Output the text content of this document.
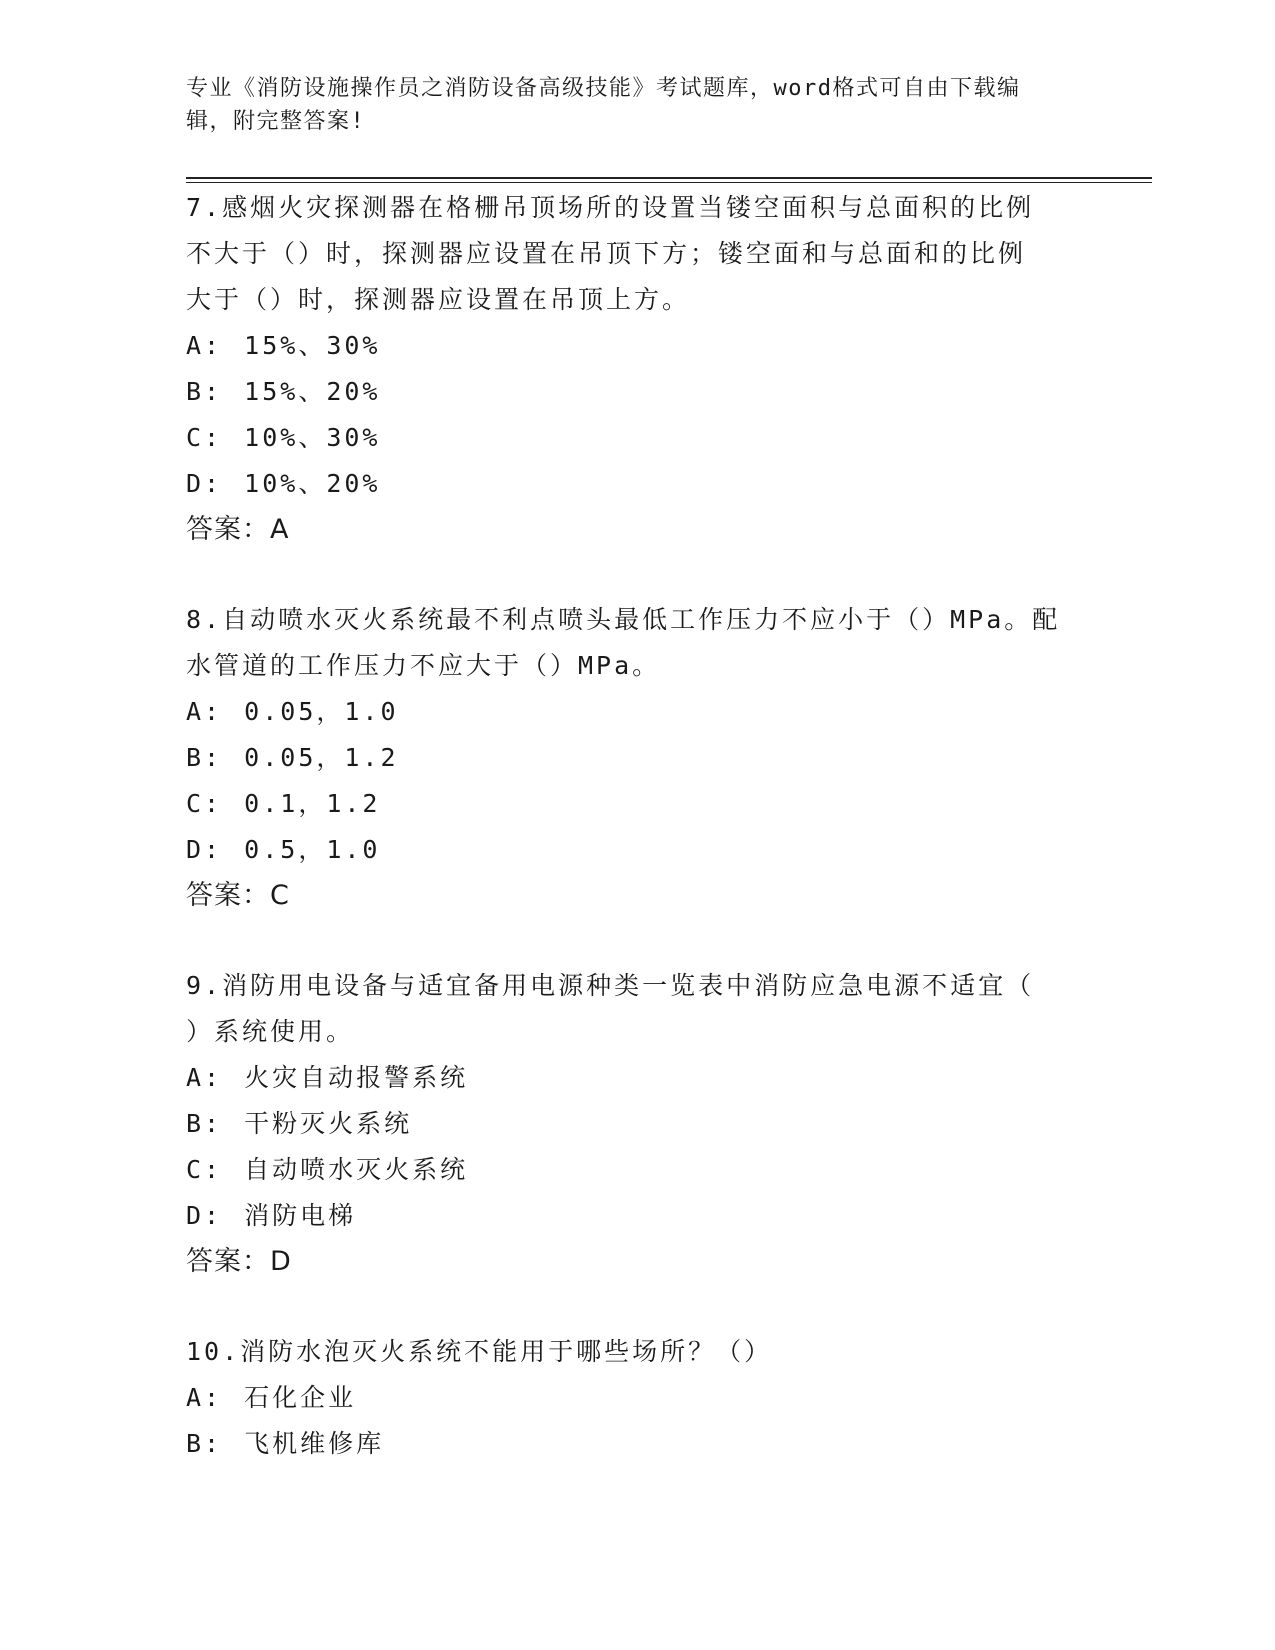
专业《消防设施操作员之消防设备高级技能》考试题库，word格式可自由下载编
辑，附完整答案!

7.感烟火灾探测器在格栅吊顶场所的设置当镂空面积与总面积的比例

不大于（）时，探测器应设置在吊顶下方；镂空面和与总面和的比例

大于（）时，探测器应设置在吊顶上方。

A: 15%、30%

B: 15%、20%

C: 10%、30%

D: 10%、20%

答案：A

8.自动喷水灭火系统最不利点喷头最低工作压力不应小于（）MPa。配

水管道的工作压力不应大于（）MPa。

A: 0.05，1.0

B: 0.05，1.2

C: 0.1，1.2

D: 0.5，1.0

答案：C

9.消防用电设备与适宜备用电源种类一览表中消防应急电源不适宜（

）系统使用。

A: 火灾自动报警系统

B: 干粉灭火系统

C: 自动喷水灭火系统

D: 消防电梯

答案：D

10.消防水泡灭火系统不能用于哪些场所？（）

A: 石化企业

B: 飞机维修库
